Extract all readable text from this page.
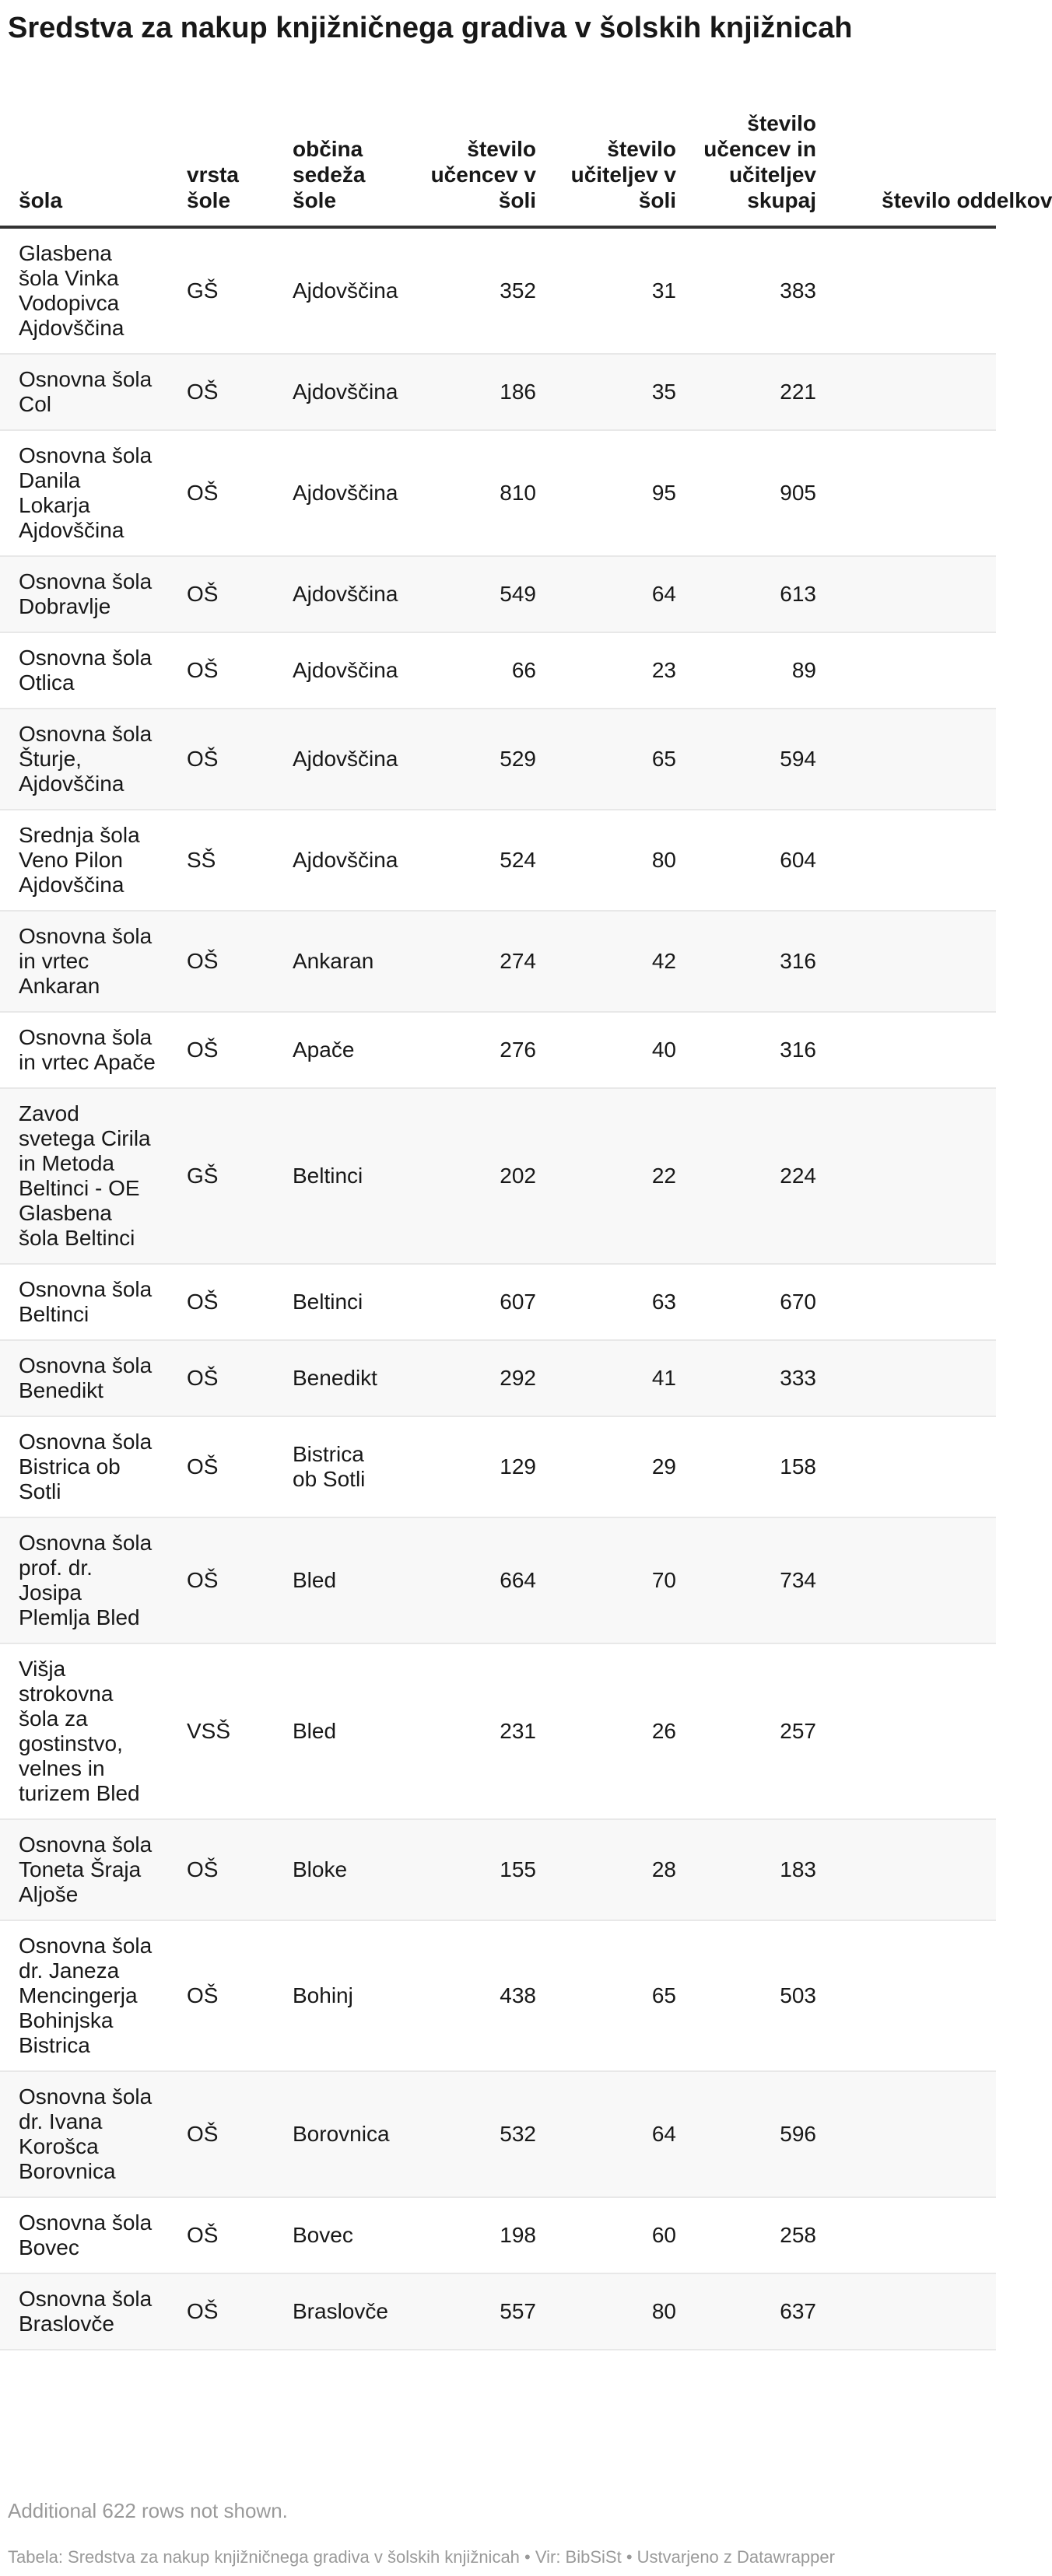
Sredstva za nakup knjižničnega gradiva v šolskih knjižnicah
šola	vrsta šole	občina sedeža šole	število učencev v šoli	število učiteljev v šoli	število učencev in učiteljev skupaj	število oddelkov
Glasbena šola Vinka Vodopivca Ajdovščina	GŠ	Ajdovščina	352	31	383	
Osnovna šola Col	OŠ	Ajdovščina	186	35	221	
Osnovna šola Danila Lokarja Ajdovščina	OŠ	Ajdovščina	810	95	905	
Osnovna šola Dobravlje	OŠ	Ajdovščina	549	64	613	
Osnovna šola Otlica	OŠ	Ajdovščina	66	23	89	
Osnovna šola Šturje, Ajdovščina	OŠ	Ajdovščina	529	65	594	
Srednja šola Veno Pilon Ajdovščina	SŠ	Ajdovščina	524	80	604	
Osnovna šola in vrtec Ankaran	OŠ	Ankaran	274	42	316	
Osnovna šola in vrtec Apače	OŠ	Apače	276	40	316	
Zavod svetega Cirila in Metoda Beltinci - OE Glasbena šola Beltinci	GŠ	Beltinci	202	22	224	
Osnovna šola Beltinci	OŠ	Beltinci	607	63	670	
Osnovna šola Benedikt	OŠ	Benedikt	292	41	333	
Osnovna šola Bistrica ob Sotli	OŠ	Bistrica ob Sotli	129	29	158	
Osnovna šola prof. dr. Josipa Plemlja Bled	OŠ	Bled	664	70	734	
Višja strokovna šola za gostinstvo, velnes in turizem Bled	VSŠ	Bled	231	26	257	
Osnovna šola Toneta Šraja Aljoše	OŠ	Bloke	155	28	183	
Osnovna šola dr. Janeza Mencingerja Bohinjska Bistrica	OŠ	Bohinj	438	65	503	
Osnovna šola dr. Ivana Korošca Borovnica	OŠ	Borovnica	532	64	596	
Osnovna šola Bovec	OŠ	Bovec	198	60	258	
Osnovna šola Braslovče	OŠ	Braslovče	557	80	637	
Additional 622 rows not shown.
Tabela: Sredstva za nakup knjižničnega gradiva v šolskih knjižnicah • Vir: BibSiSt • Ustvarjeno z Datawrapper
